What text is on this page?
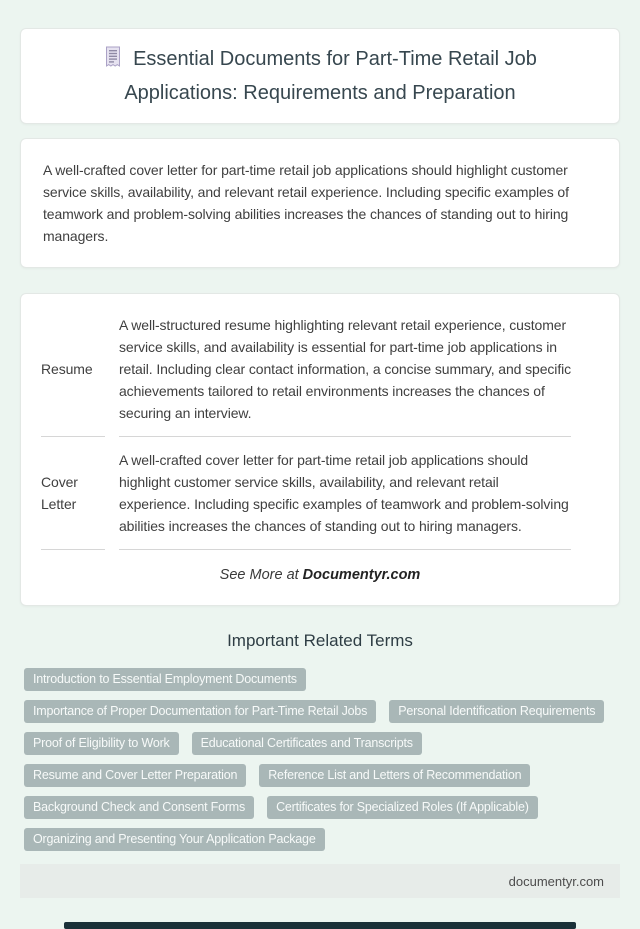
Essential Documents for Part-Time Retail Job Applications: Requirements and Preparation

A well-crafted cover letter for part-time retail job applications should highlight customer service skills, availability, and relevant retail experience. Including specific examples of teamwork and problem-solving abilities increases the chances of standing out to hiring managers.

Resume	A well-structured resume highlighting relevant retail experience, customer service skills, and availability is essential for part-time job applications in retail. Including clear contact information, a concise summary, and specific achievements tailored to retail environments increases the chances of securing an interview.
Cover Letter	A well-crafted cover letter for part-time retail job applications should highlight customer service skills, availability, and relevant retail experience. Including specific examples of teamwork and problem-solving abilities increases the chances of standing out to hiring managers.

See More at Documentyr.com

Important Related Terms
Introduction to Essential Employment Documents
Importance of Proper Documentation for Part-Time Retail Jobs	Personal Identification Requirements
Proof of Eligibility to Work	Educational Certificates and Transcripts
Resume and Cover Letter Preparation	Reference List and Letters of Recommendation
Background Check and Consent Forms	Certificates for Specialized Roles (If Applicable)
Organizing and Presenting Your Application Package
documentyr.com
